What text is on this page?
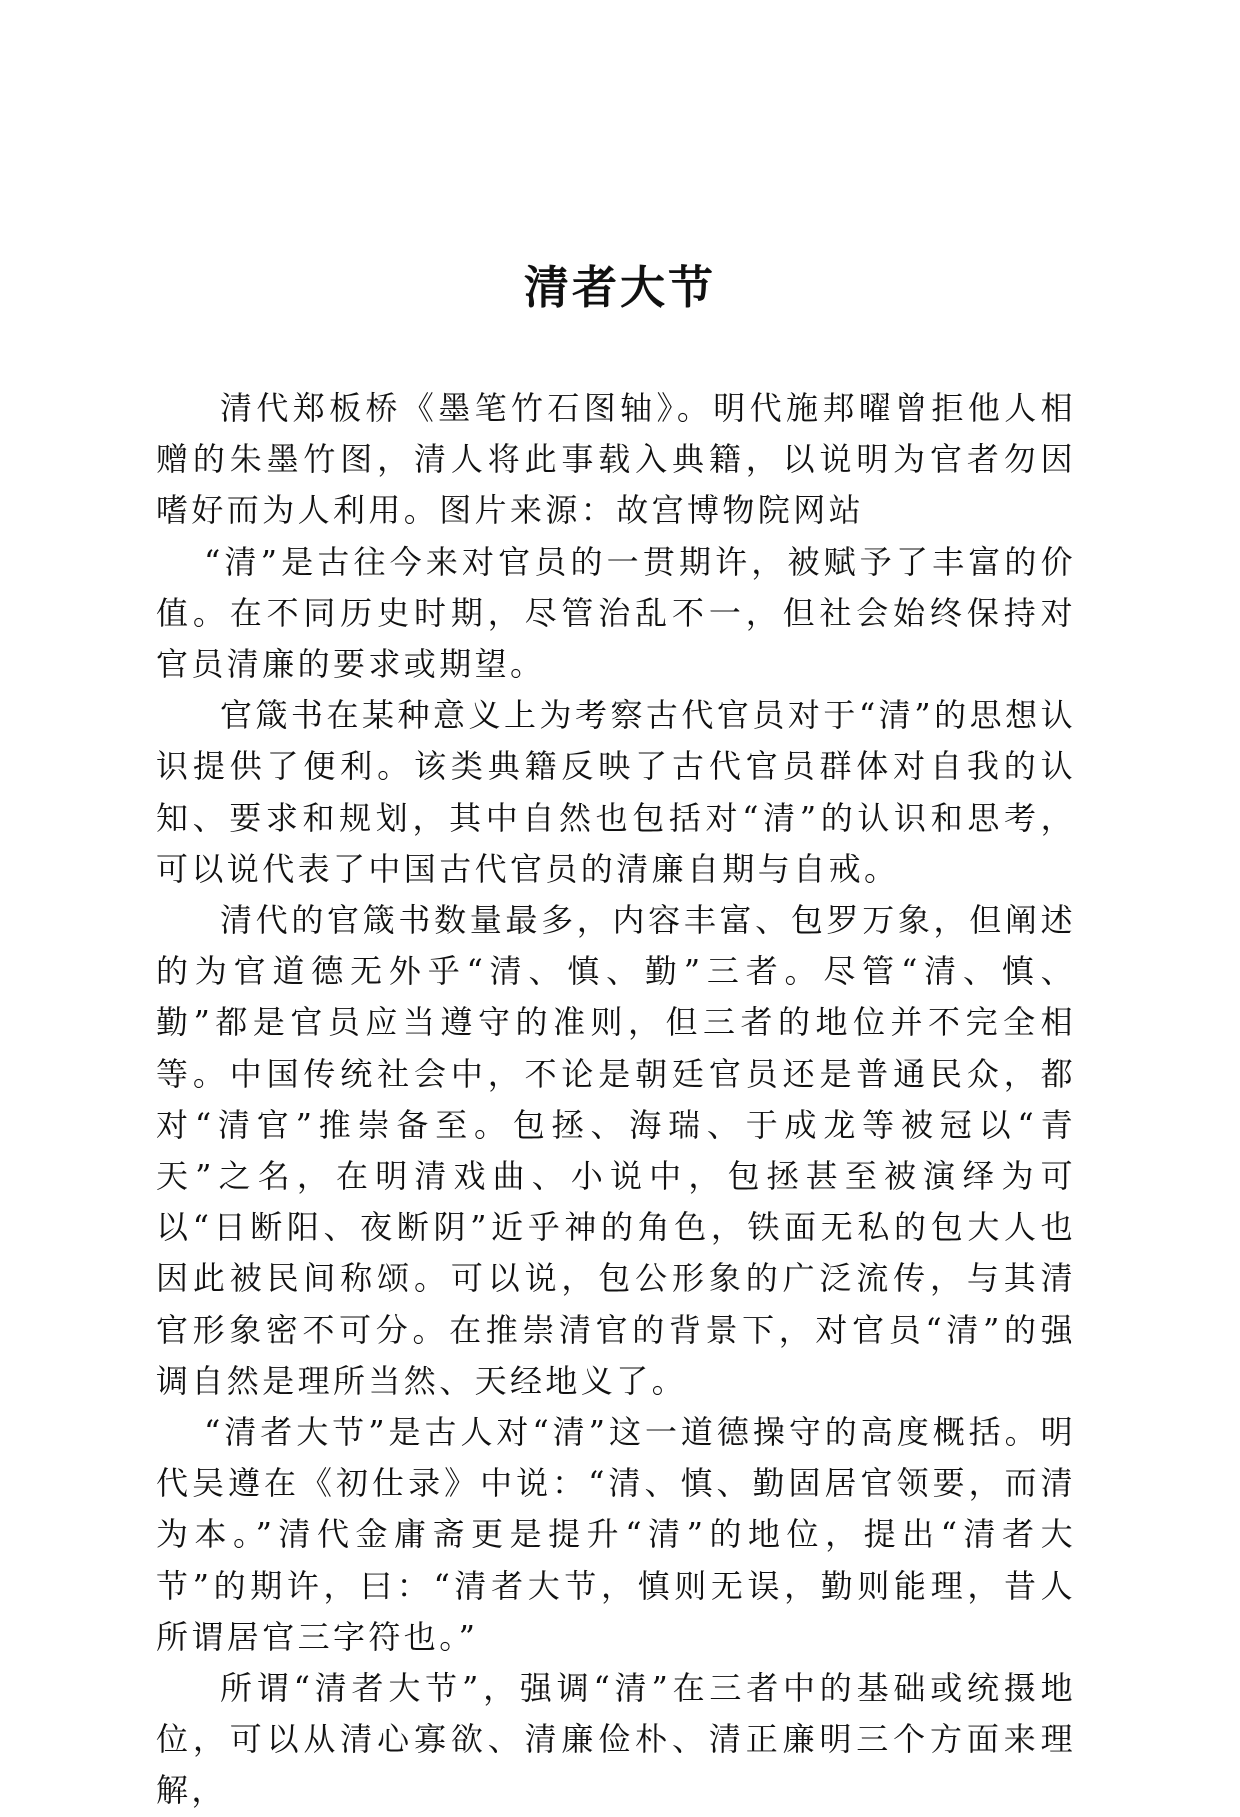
清者大节

清代郑板桥《墨笔竹石图轴》。明代施邦曜曾拒他人相赠的朱墨竹图，清人将此事载入典籍，以说明为官者勿因嗜好而为人利用。图片来源：故宫博物院网站

“清”是古往今来对官员的一贯期许，被赋予了丰富的价值。在不同历史时期，尽管治乱不一，但社会始终保持对官员清廉的要求或期望。

官箴书在某种意义上为考察古代官员对于“清”的思想认识提供了便利。该类典籍反映了古代官员群体对自我的认知、要求和规划，其中自然也包括对“清”的认识和思考，可以说代表了中国古代官员的清廉自期与自戒。

清代的官箴书数量最多，内容丰富、包罗万象，但阐述的为官道德无外乎“清、慎、勤”三者。尽管“清、慎、勤”都是官员应当遵守的准则，但三者的地位并不完全相等。中国传统社会中，不论是朝廷官员还是普通民众，都对“清官”推崇备至。包拯、海瑞、于成龙等被冠以“青天”之名，在明清戏曲、小说中，包拯甚至被演绎为可以“日断阳、夜断阴”近乎神的角色，铁面无私的包大人也因此被民间称颂。可以说，包公形象的广泛流传，与其清官形象密不可分。在推崇清官的背景下，对官员“清”的强调自然是理所当然、天经地义了。

“清者大节”是古人对“清”这一道德操守的高度概括。明代吴遵在《初仕录》中说：“清、慎、勤固居官领要，而清为本。”清代金庸斋更是提升“清”的地位，提出“清者大节”的期许，曰：“清者大节，慎则无误，勤则能理，昔人所谓居官三字符也。”

所谓“清者大节”，强调“清”在三者中的基础或统摄地位，可以从清心寡欲、清廉俭朴、清正廉明三个方面来理解，
